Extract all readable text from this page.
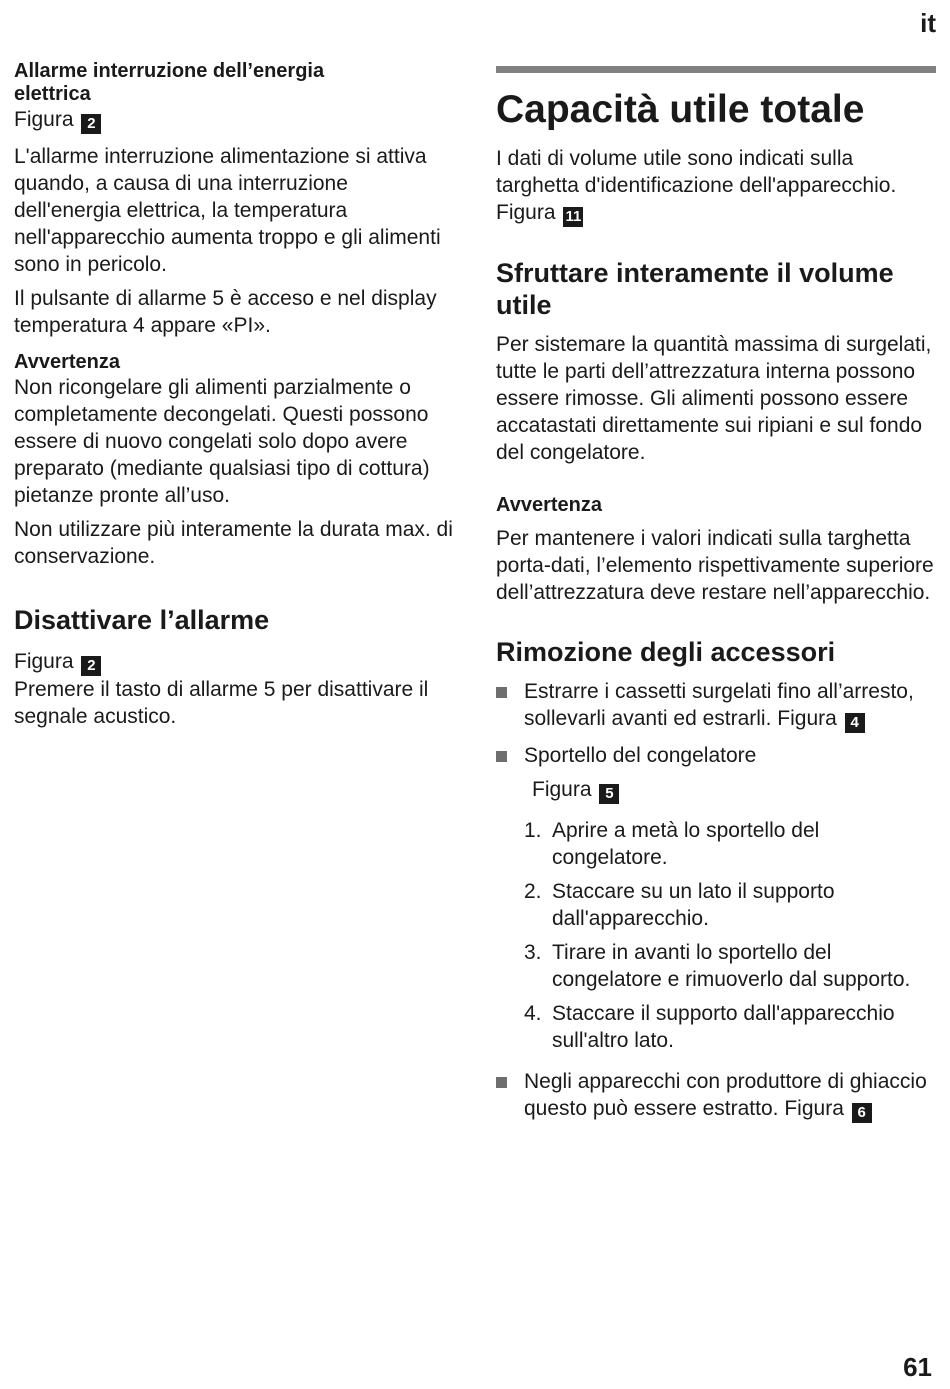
it
Allarme interruzione dell’energia elettrica

Figura 2

L'allarme interruzione alimentazione si attiva quando, a causa di una interruzione dell'energia elettrica, la temperatura nell'apparecchio aumenta troppo e gli alimenti sono in pericolo.

Il pulsante di allarme 5 è acceso e nel display temperatura 4 appare «PI».

Avvertenza

Non ricongelare gli alimenti parzialmente o completamente decongelati. Questi possono essere di nuovo congelati solo dopo avere preparato (mediante qualsiasi tipo di cottura) pietanze pronte all’uso.

Non utilizzare più interamente la durata max. di conservazione.

Disattivare l’allarme

Figura 2

Premere il tasto di allarme 5 per disattivare il segnale acustico.

Capacità utile totale

I dati di volume utile sono indicati sulla targhetta d'identificazione dell'apparecchio. Figura 11

Sfruttare interamente il volume utile

Per sistemare la quantità massima di surgelati, tutte le parti dell’attrezzatura interna possono essere rimosse. Gli alimenti possono essere accatastati direttamente sui ripiani e sul fondo del congelatore.

Avvertenza

Per mantenere i valori indicati sulla targhetta porta-dati, l’elemento rispettivamente superiore dell’attrezzatura deve restare nell’apparecchio.

Rimozione degli accessori

Estrarre i cassetti surgelati fino all’arresto, sollevarli avanti ed estrarli. Figura 4

Sportello del congelatore

Figura 5

1. Aprire a metà lo sportello del congelatore.
2. Staccare su un lato il supporto dall'apparecchio.
3. Tirare in avanti lo sportello del congelatore e rimuoverlo dal supporto.
4. Staccare il supporto dall'apparecchio sull'altro lato.

Negli apparecchi con produttore di ghiaccio questo può essere estratto. Figura 6

61
